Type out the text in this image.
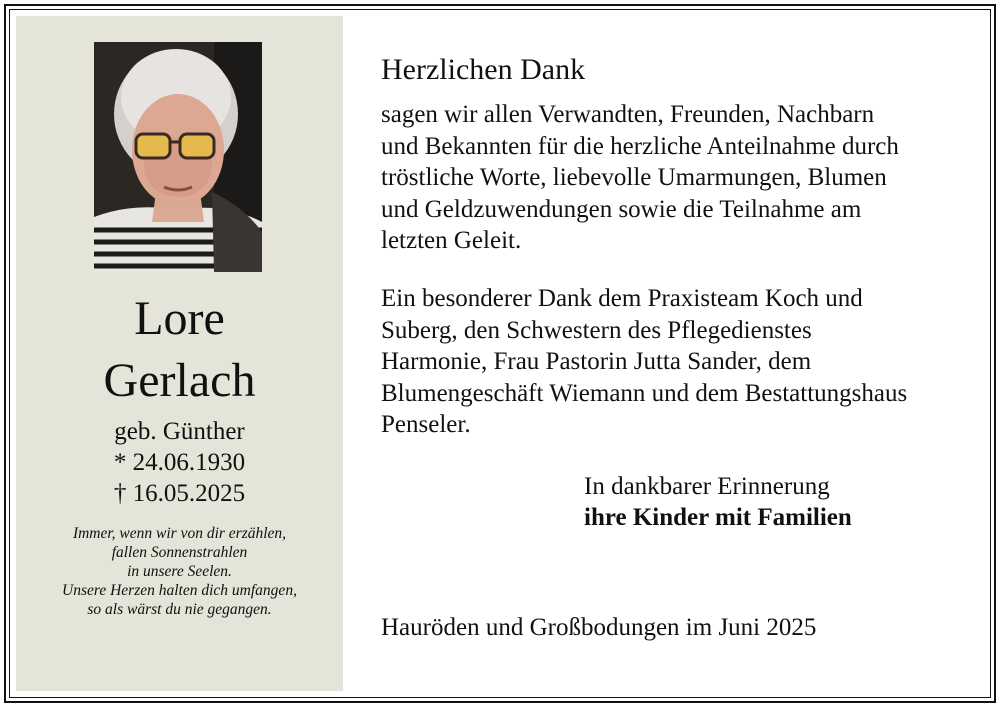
Lore
Gerlach
geb. Günther
* 24.06.1930
† 16.05.2025
Immer, wenn wir von dir erzählen,
fallen Sonnenstrahlen
in unsere Seelen.
Unsere Herzen halten dich umfangen,
so als wärst du nie gegangen.
Herzlichen Dank
sagen wir allen Verwandten, Freunden, Nachbarn
und Bekannten für die herzliche Anteilnahme durch
tröstliche Worte, liebevolle Umarmungen, Blumen
und Geldzuwendungen sowie die Teilnahme am
letzten Geleit.
Ein besonderer Dank dem Praxisteam Koch und
Suberg, den Schwestern des Pflegedienstes
Harmonie, Frau Pastorin Jutta Sander, dem
Blumengeschäft Wiemann und dem Bestattungshaus
Penseler.
In dankbarer Erinnerung
ihre Kinder mit Familien
Hauröden und Großbodungen im Juni 2025
